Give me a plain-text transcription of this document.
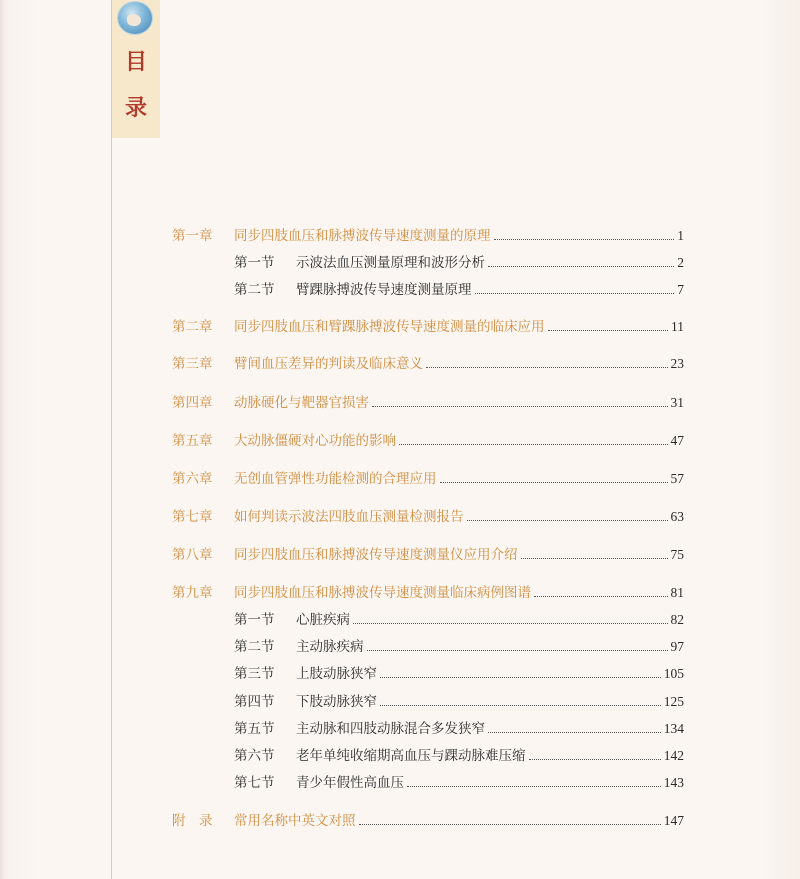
目
录
第一章	同步四肢血压和脉搏波传导速度测量的原理	1
第一节	示波法血压测量原理和波形分析	2
第二节	臂踝脉搏波传导速度测量原理	7
第二章	同步四肢血压和臂踝脉搏波传导速度测量的临床应用	11
第三章	臂间血压差异的判读及临床意义	23
第四章	动脉硬化与靶器官损害	31
第五章	大动脉僵硬对心功能的影响	47
第六章	无创血管弹性功能检测的合理应用	57
第七章	如何判读示波法四肢血压测量检测报告	63
第八章	同步四肢血压和脉搏波传导速度测量仪应用介绍	75
第九章	同步四肢血压和脉搏波传导速度测量临床病例图谱	81
第一节	心脏疾病	82
第二节	主动脉疾病	97
第三节	上肢动脉狭窄	105
第四节	下肢动脉狭窄	125
第五节	主动脉和四肢动脉混合多发狭窄	134
第六节	老年单纯收缩期高血压与踝动脉难压缩	142
第七节	青少年假性高血压	143
附　录	常用名称中英文对照	147
